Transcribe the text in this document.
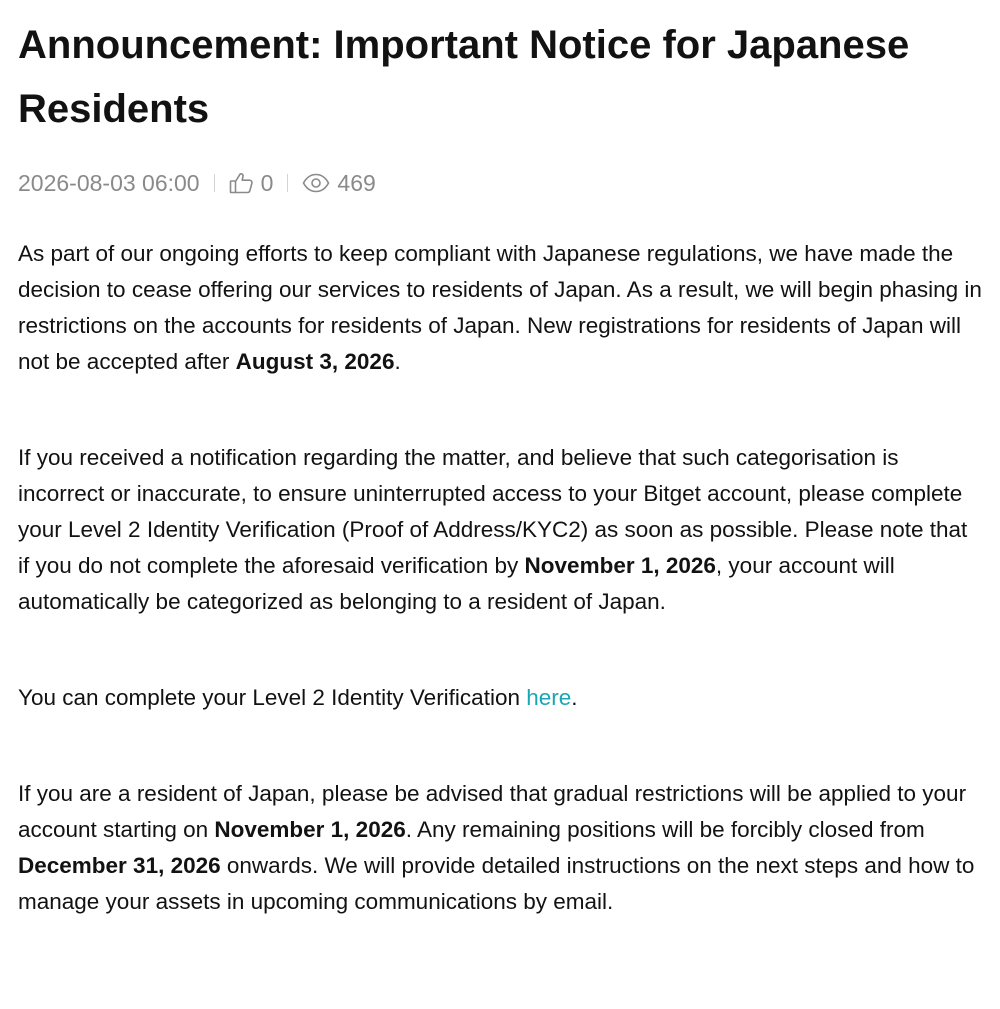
Announcement: Important Notice for Japanese Residents
2026-08-03 06:00	0	469

As part of our ongoing efforts to keep compliant with Japanese regulations, we have made the decision to cease offering our services to residents of Japan. As a result, we will begin phasing in restrictions on the accounts for residents of Japan. New registrations for residents of Japan will not be accepted after August 3, 2026.

If you received a notification regarding the matter, and believe that such categorisation is incorrect or inaccurate, to ensure uninterrupted access to your Bitget account, please complete your Level 2 Identity Verification (Proof of Address/KYC2) as soon as possible. Please note that if you do not complete the aforesaid verification by November 1, 2026, your account will automatically be categorized as belonging to a resident of Japan.

You can complete your Level 2 Identity Verification here.

If you are a resident of Japan, please be advised that gradual restrictions will be applied to your account starting on November 1, 2026. Any remaining positions will be forcibly closed from December 31, 2026 onwards. We will provide detailed instructions on the next steps and how to manage your assets in upcoming communications by email.
